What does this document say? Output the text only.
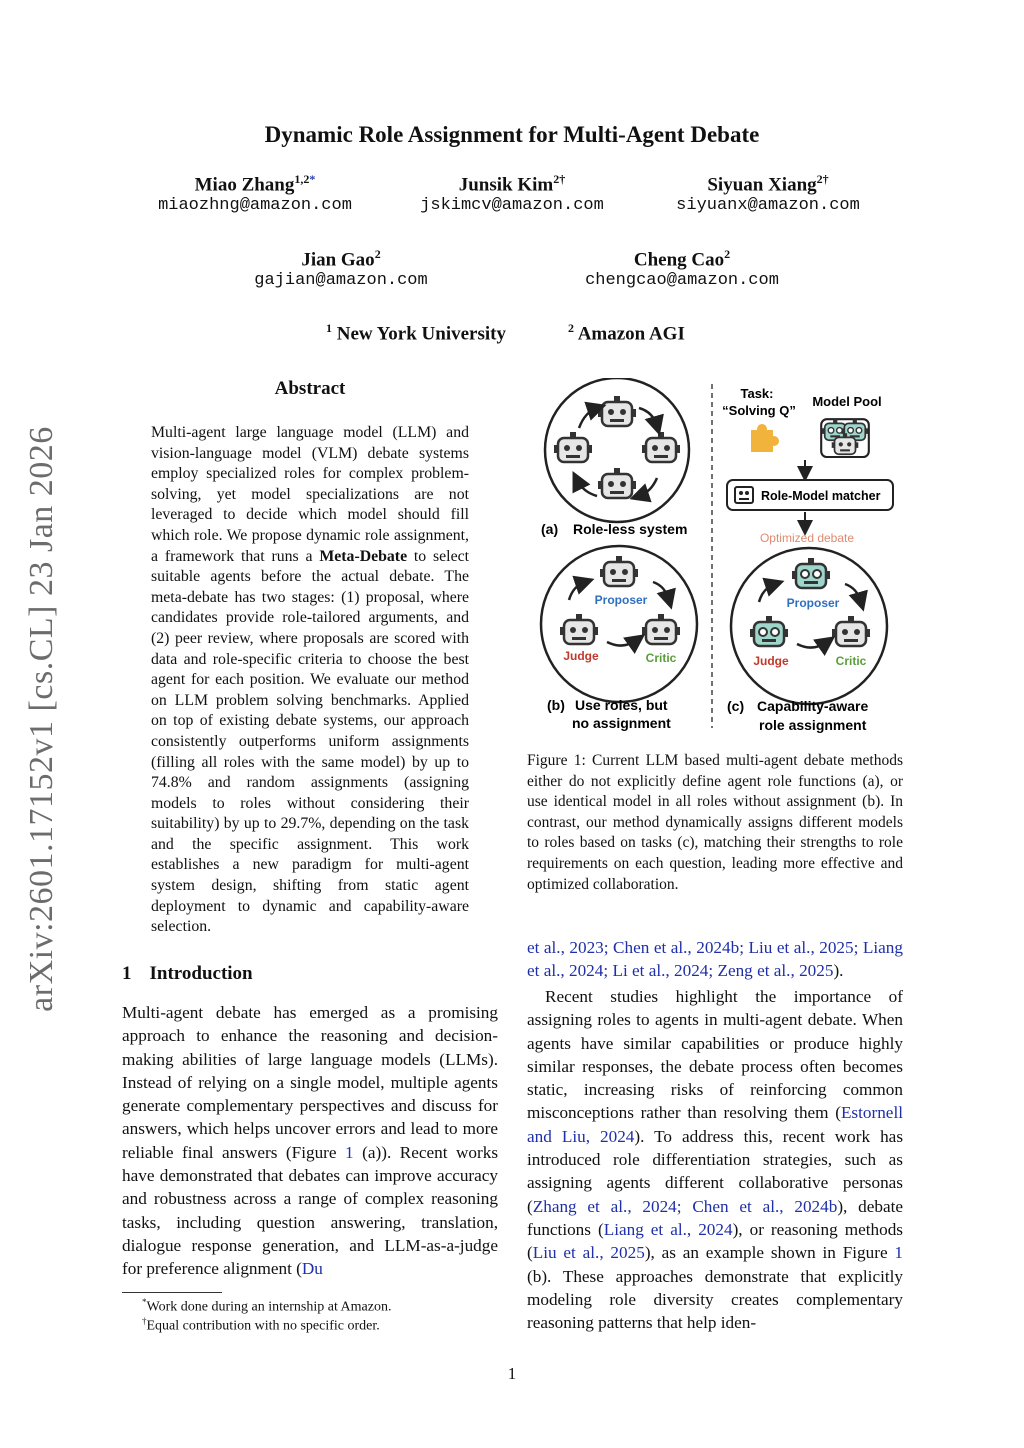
Dynamic Role Assignment for Multi-Agent Debate
Miao Zhang$^{1,2*}$
miaozhng@amazon.com
Junsik Kim$^{2\dagger}$
jskimcv@amazon.com
Siyuan Xiang$^{2\dagger}$
siyuanx@amazon.com
Jian Gao$^2$
gajian@amazon.com
Cheng Cao$^2$
chengcao@amazon.com
$^1$ New York University	$^2$ Amazon AGI
arXiv:2601.17152v1 [cs.CL] 23 Jan 2026
Abstract
Multi-agent large language model (LLM) and vision-language model (VLM) debate systems employ specialized roles for complex problem-solving, yet model specializations are not leveraged to decide which model should fill which role. We propose dynamic role assignment, a framework that runs a Meta-Debate to select suitable agents before the actual debate. The meta-debate has two stages: (1) proposal, where candidates provide role-tailored arguments, and (2) peer review, where proposals are scored with data and role-specific criteria to choose the best agent for each position. We evaluate our method on LLM problem solving benchmarks. Applied on top of existing debate systems, our approach consistently outperforms uniform assignments (filling all roles with the same model) by up to 74.8% and random assignments (assigning models to roles without considering their suitability) by up to 29.7%, depending on the task and the specific assignment. This work establishes a new paradigm for multi-agent system design, shifting from static agent deployment to dynamic and capability-aware selection.
1 Introduction
Multi-agent debate has emerged as a promising approach to enhance the reasoning and decision-making abilities of large language models (LLMs). Instead of relying on a single model, multiple agents generate complementary perspectives and discuss for answers, which helps uncover errors and lead to more reliable final answers (Figure 1 (a)). Recent works have demonstrated that debates can improve accuracy and robustness across a range of complex reasoning tasks, including question answering, translation, dialogue response generation, and LLM-as-a-judge for preference alignment (Du
(a) Role-less system
Task:
“Solving Q”
Model Pool
Role-Model matcher
Optimized debate
Proposer
Judge	Critic
(b) Use roles, but
no assignment
Proposer
Judge	Critic
(c) Capability-aware
role assignment
Figure 1: Current LLM based multi-agent debate methods either do not explicitly define agent role functions (a), or use identical model in all roles without assignment (b). In contrast, our method dynamically assigns different models to roles based on tasks (c), matching their strengths to role requirements on each question, leading more effective and optimized collaboration.
et al., 2023; Chen et al., 2024b; Liu et al., 2025; Liang et al., 2024; Li et al., 2024; Zeng et al., 2025).
Recent studies highlight the importance of assigning roles to agents in multi-agent debate. When agents have similar capabilities or produce highly similar responses, the debate process often becomes static, increasing risks of reinforcing common misconceptions rather than resolving them (Estornell and Liu, 2024). To address this, recent work has introduced role differentiation strategies, such as assigning agents different collaborative personas (Zhang et al., 2024; Chen et al., 2024b), debate functions (Liang et al., 2024), or reasoning methods (Liu et al., 2025), as an example shown in Figure 1 (b). These approaches demonstrate that explicitly modeling role diversity creates complementary reasoning patterns that help iden-
*Work done during an internship at Amazon.
†Equal contribution with no specific order.
1
